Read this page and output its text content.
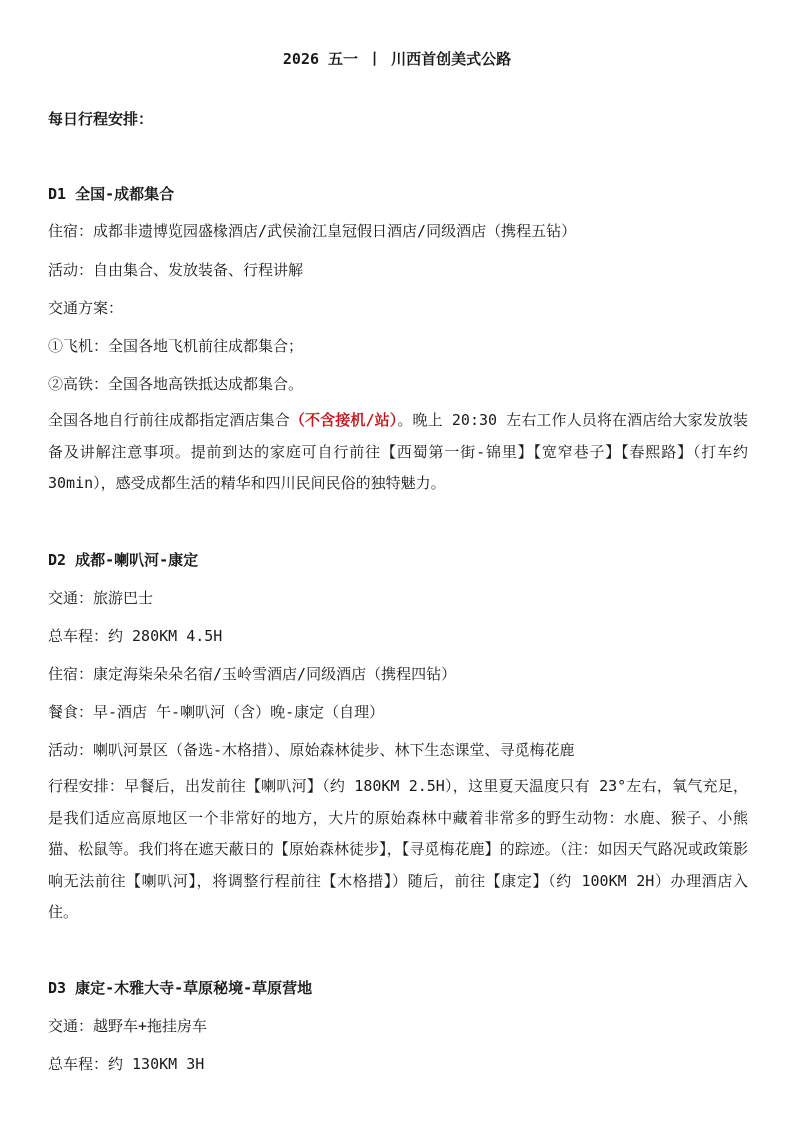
2026 五一 丨 川西首创美式公路
每日行程安排：
D1 全国-成都集合
住宿：成都非遗博览园盛椽酒店/武侯渝江皇冠假日酒店/同级酒店（携程五钻）
活动：自由集合、发放装备、行程讲解
交通方案：
①飞机：全国各地飞机前往成都集合；
②高铁：全国各地高铁抵达成都集合。
全国各地自行前往成都指定酒店集合（不含接机/站）。晚上 20:30 左右工作人员将在酒店给大家发放装备及讲解注意事项。提前到达的家庭可自行前往【西蜀第一街-锦里】【宽窄巷子】【春熙路】（打车约 30min），感受成都生活的精华和四川民间民俗的独特魅力。
D2 成都-喇叭河-康定
交通：旅游巴士
总车程：约 280KM 4.5H
住宿：康定海柒朵朵名宿/玉岭雪酒店/同级酒店（携程四钻）
餐食：早-酒店 午-喇叭河（含）晚-康定（自理）
活动：喇叭河景区（备选-木格措）、原始森林徒步、林下生态课堂、寻觅梅花鹿
行程安排：早餐后，出发前往【喇叭河】（约 180KM 2.5H），这里夏天温度只有 23°左右，氧气充足，是我们适应高原地区一个非常好的地方，大片的原始森林中藏着非常多的野生动物：水鹿、猴子、小熊猫、松鼠等。我们将在遮天蔽日的【原始森林徒步】，【寻觅梅花鹿】的踪迹。（注：如因天气路况或政策影响无法前往【喇叭河】，将调整行程前往【木格措】）随后，前往【康定】（约 100KM 2H）办理酒店入住。
D3 康定-木雅大寺-草原秘境-草原营地
交通：越野车+拖挂房车
总车程：约 130KM 3H
